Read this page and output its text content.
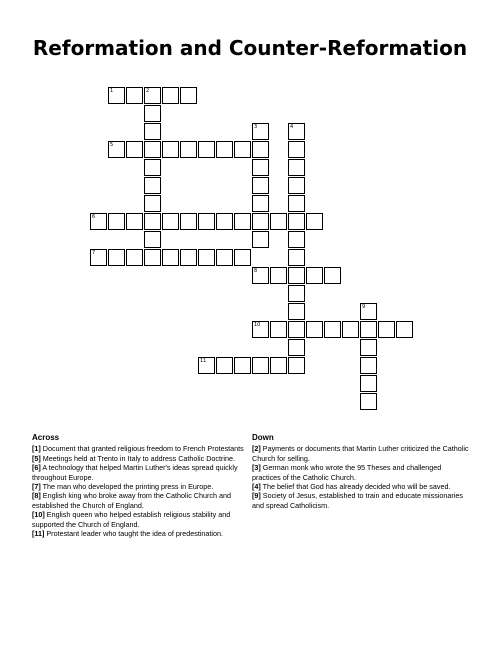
Reformation and Counter-Reformation
1	2
3	4
5
6
7
8
9
10
11
Across

[1] Document that granted religious freedom to French Protestants

[5] Meetings held at Trento in Italy to address Catholic Doctrine.

[6] A technology that helped Martin Luther's ideas spread quickly throughout Europe.

[7] The man who developed the printing press in Europe.

[8] English king who broke away from the Catholic Church and established the Church of England.

[10] English queen who helped establish religious stability and supported the Church of England.

[11] Protestant leader who taught the idea of predestination.

Down

[2] Payments or documents that Martin Luther criticized the Catholic Church for selling.

[3] German monk who wrote the 95 Theses and challenged practices of the Catholic Church.

[4] The belief that God has already decided who will be saved.

[9] Society of Jesus, established to train and educate missionaries and spread Catholicism.
